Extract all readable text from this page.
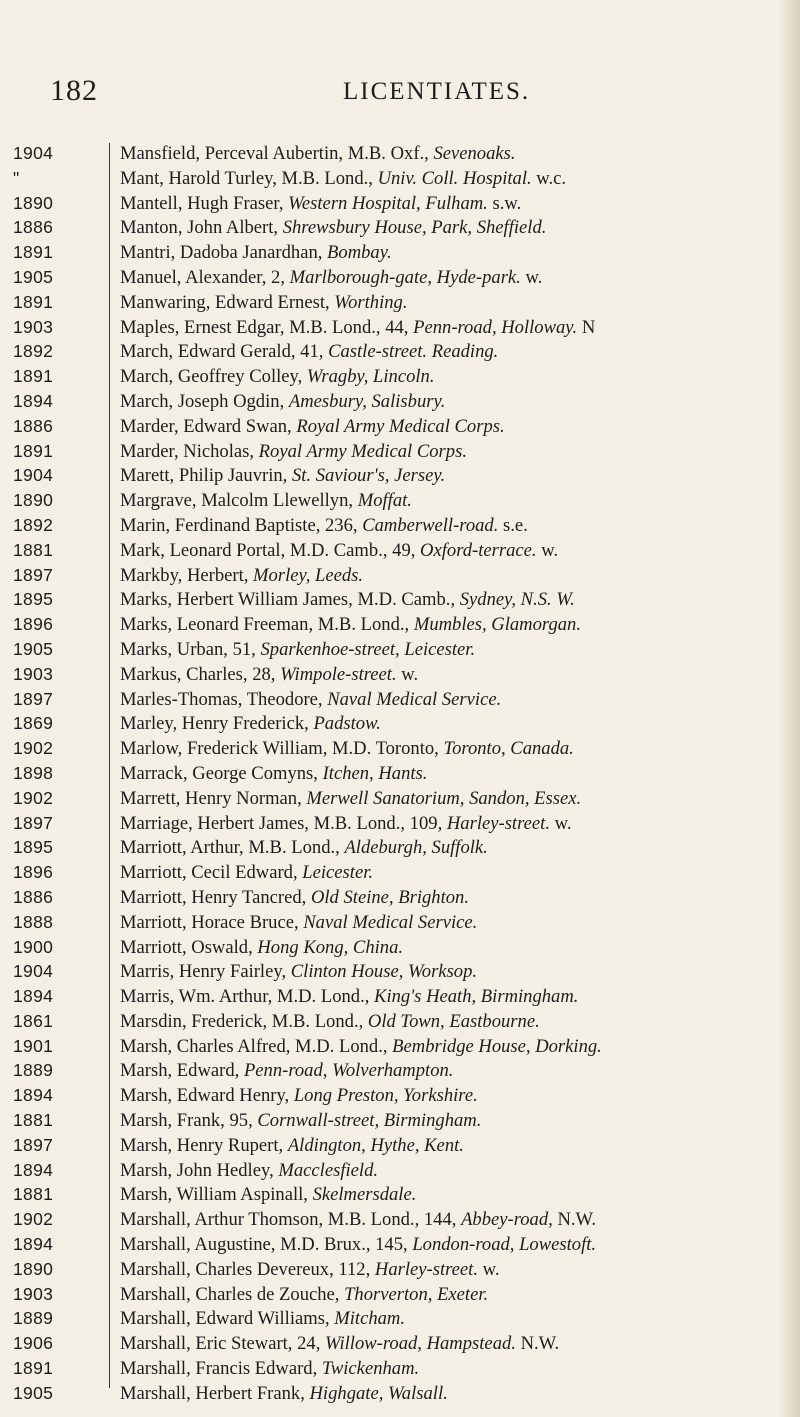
182	LICENTIATES.
1904	Mansfield, Perceval Aubertin, M.B. Oxf., Sevenoaks.
"	Mant, Harold Turley, M.B. Lond., Univ. Coll. Hospital. w.c.
1890	Mantell, Hugh Fraser, Western Hospital, Fulham. s.w.
1886	Manton, John Albert, Shrewsbury House, Park, Sheffield.
1891	Mantri, Dadoba Janardhan, Bombay.
1905	Manuel, Alexander, 2, Marlborough-gate, Hyde-park. w.
1891	Manwaring, Edward Ernest, Worthing.
1903	Maples, Ernest Edgar, M.B. Lond., 44, Penn-road, Holloway. N
1892	March, Edward Gerald, 41, Castle-street. Reading.
1891	March, Geoffrey Colley, Wragby, Lincoln.
1894	March, Joseph Ogdin, Amesbury, Salisbury.
1886	Marder, Edward Swan, Royal Army Medical Corps.
1891	Marder, Nicholas, Royal Army Medical Corps.
1904	Marett, Philip Jauvrin, St. Saviour's, Jersey.
1890	Margrave, Malcolm Llewellyn, Moffat.
1892	Marin, Ferdinand Baptiste, 236, Camberwell-road. s.e.
1881	Mark, Leonard Portal, M.D. Camb., 49, Oxford-terrace. w.
1897	Markby, Herbert, Morley, Leeds.
1895	Marks, Herbert William James, M.D. Camb., Sydney, N.S. W.
1896	Marks, Leonard Freeman, M.B. Lond., Mumbles, Glamorgan.
1905	Marks, Urban, 51, Sparkenhoe-street, Leicester.
1903	Markus, Charles, 28, Wimpole-street. w.
1897	Marles-Thomas, Theodore, Naval Medical Service.
1869	Marley, Henry Frederick, Padstow.
1902	Marlow, Frederick William, M.D. Toronto, Toronto, Canada.
1898	Marrack, George Comyns, Itchen, Hants.
1902	Marrett, Henry Norman, Merwell Sanatorium, Sandon, Essex.
1897	Marriage, Herbert James, M.B. Lond., 109, Harley-street. w.
1895	Marriott, Arthur, M.B. Lond., Aldeburgh, Suffolk.
1896	Marriott, Cecil Edward, Leicester.
1886	Marriott, Henry Tancred, Old Steine, Brighton.
1888	Marriott, Horace Bruce, Naval Medical Service.
1900	Marriott, Oswald, Hong Kong, China.
1904	Marris, Henry Fairley, Clinton House, Worksop.
1894	Marris, Wm. Arthur, M.D. Lond., King's Heath, Birmingham.
1861	Marsdin, Frederick, M.B. Lond., Old Town, Eastbourne.
1901	Marsh, Charles Alfred, M.D. Lond., Bembridge House, Dorking.
1889	Marsh, Edward, Penn-road, Wolverhampton.
1894	Marsh, Edward Henry, Long Preston, Yorkshire.
1881	Marsh, Frank, 95, Cornwall-street, Birmingham.
1897	Marsh, Henry Rupert, Aldington, Hythe, Kent.
1894	Marsh, John Hedley, Macclesfield.
1881	Marsh, William Aspinall, Skelmersdale.
1902	Marshall, Arthur Thomson, M.B. Lond., 144, Abbey-road, N.W.
1894	Marshall, Augustine, M.D. Brux., 145, London-road, Lowestoft.
1890	Marshall, Charles Devereux, 112, Harley-street. w.
1903	Marshall, Charles de Zouche, Thorverton, Exeter.
1889	Marshall, Edward Williams, Mitcham.
1906	Marshall, Eric Stewart, 24, Willow-road, Hampstead. N.W.
1891	Marshall, Francis Edward, Twickenham.
1905	Marshall, Herbert Frank, Highgate, Walsall.
